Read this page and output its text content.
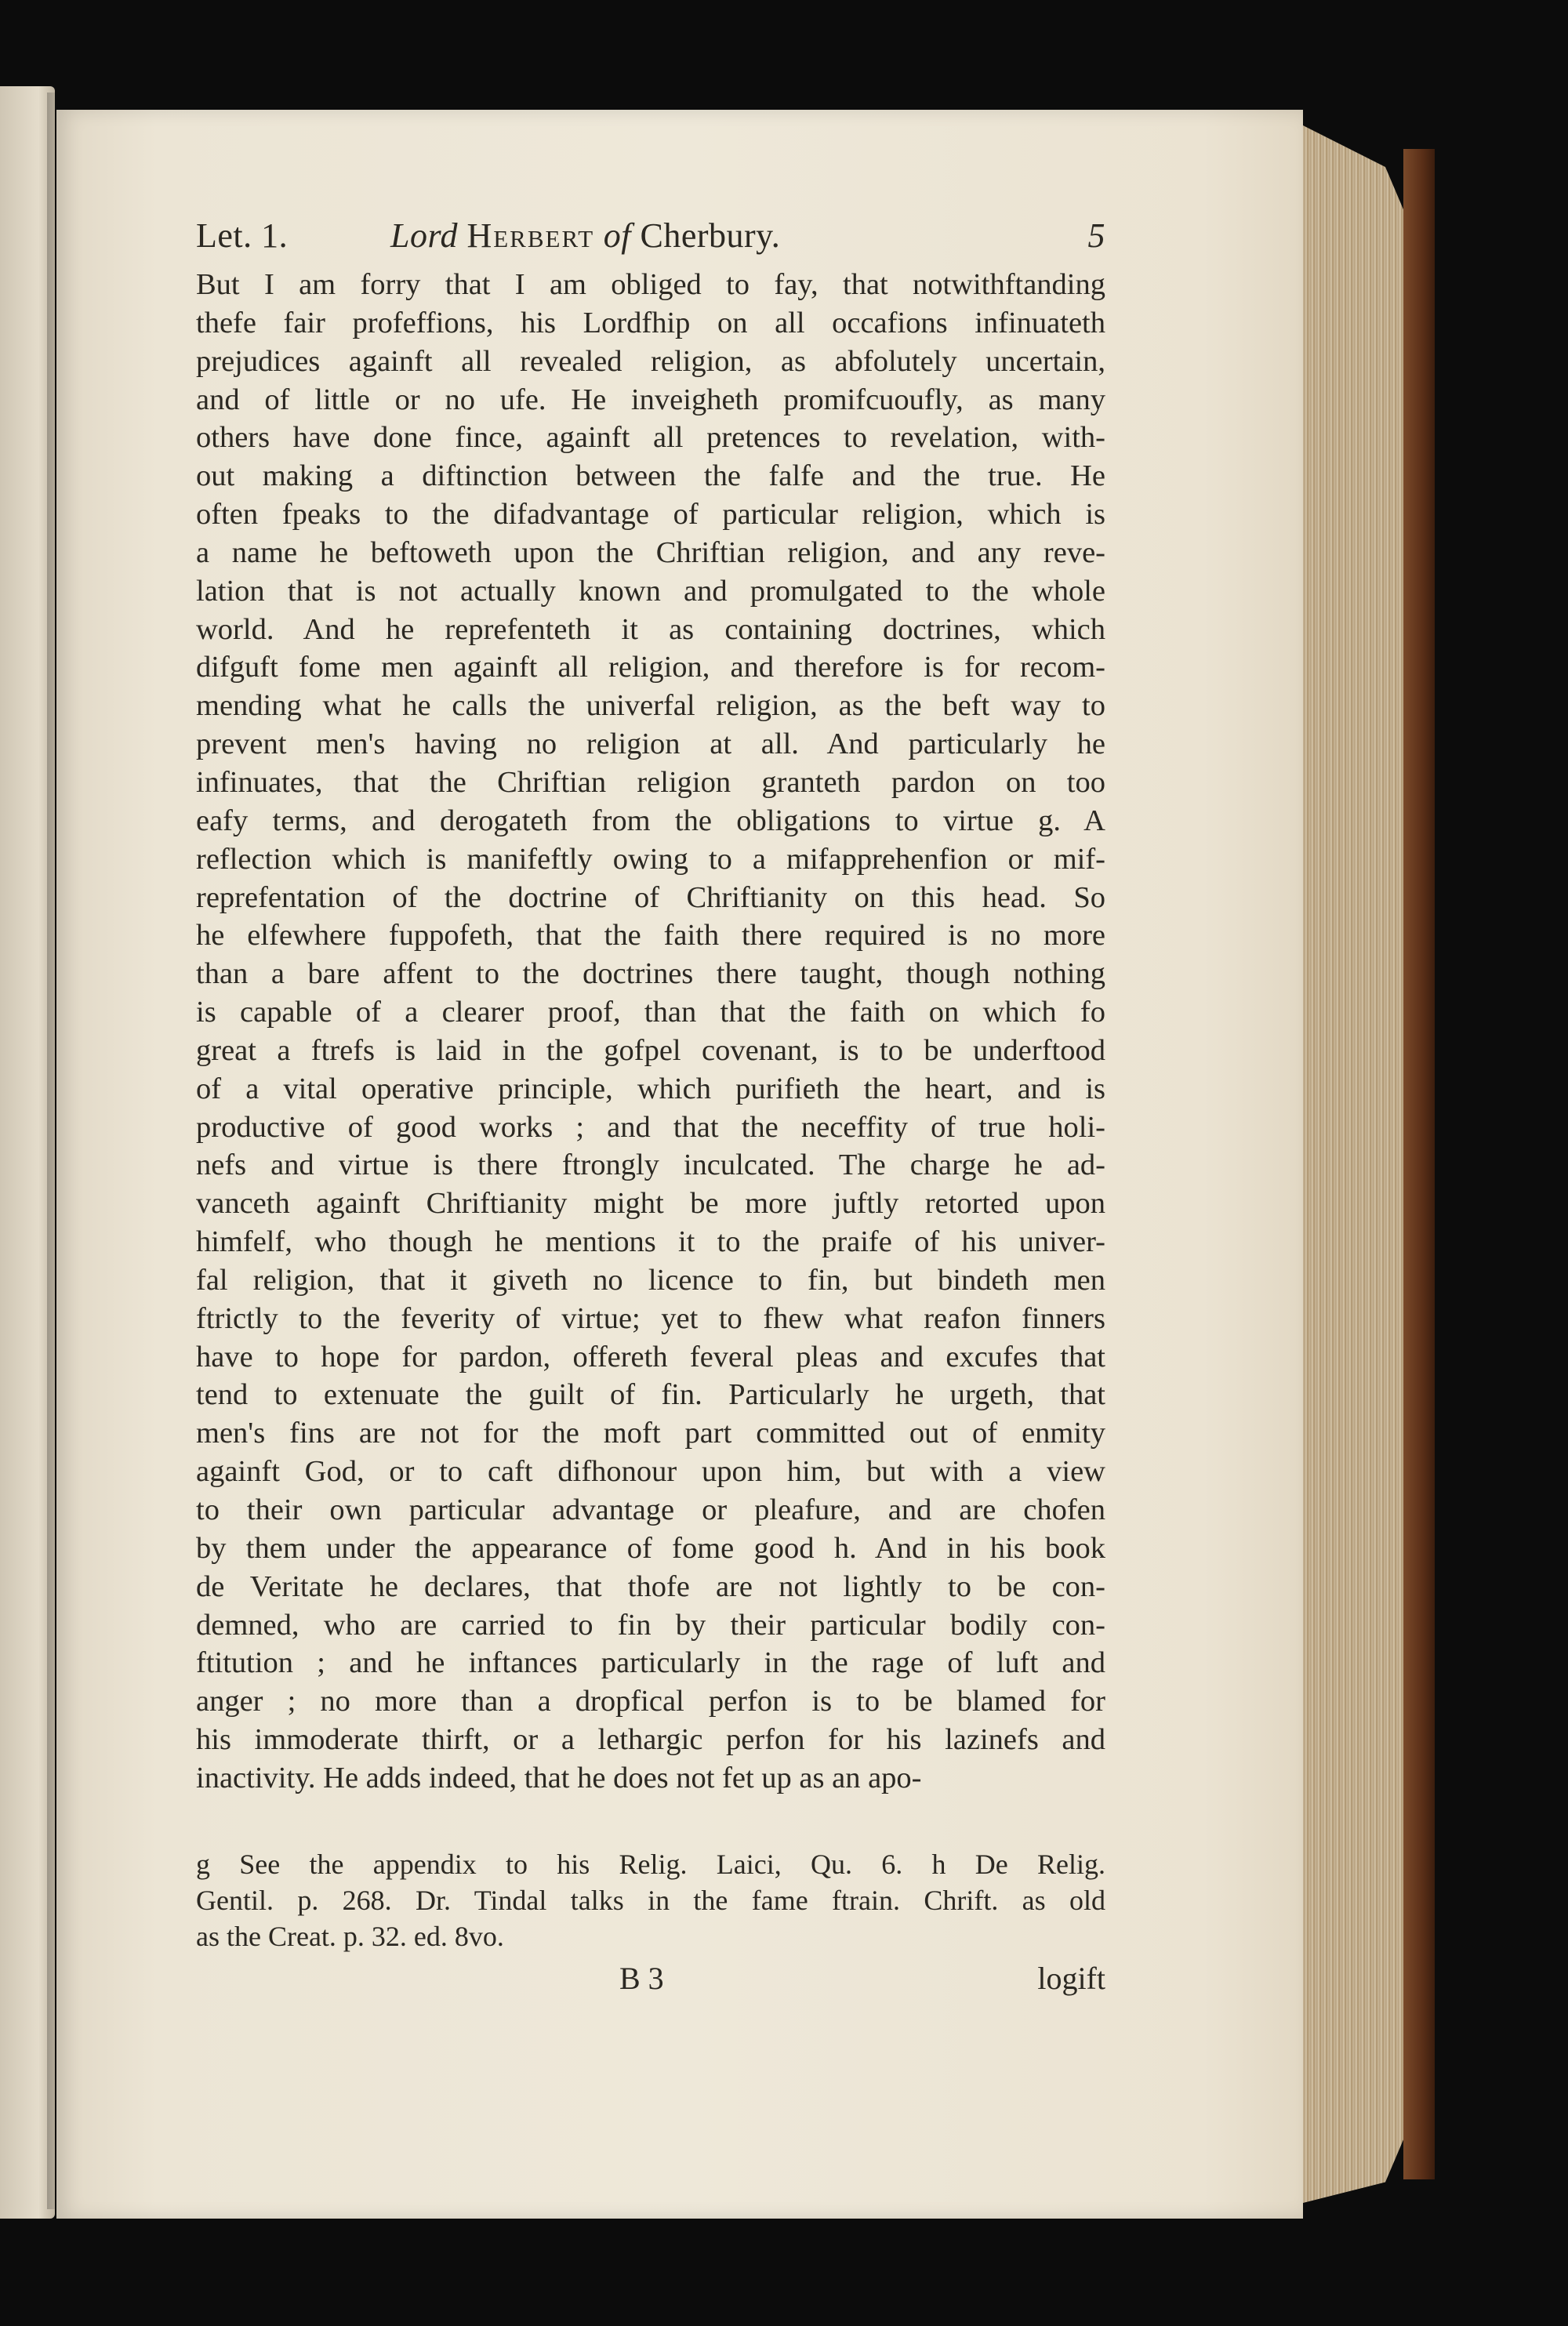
Let. 1.	Lord Herbert of Cherbury.	5
But I am forry that I am obliged to fay, that notwithftanding
thefe fair profeffions, his Lordfhip on all occafions infinuateth
prejudices againft all revealed religion, as abfolutely uncertain,
and of little or no ufe. He inveigheth promifcuoufly, as many
others have done fince, againft all pretences to revelation, with-
out making a diftinction between the falfe and the true. He
often fpeaks to the difadvantage of particular religion, which is
a name he beftoweth upon the Chriftian religion, and any reve-
lation that is not actually known and promulgated to the whole
world. And he reprefenteth it as containing doctrines, which
difguft fome men againft all religion, and therefore is for recom-
mending what he calls the univerfal religion, as the beft way to
prevent men's having no religion at all. And particularly he
infinuates, that the Chriftian religion granteth pardon on too
eafy terms, and derogateth from the obligations to virtue g. A
reflection which is manifeftly owing to a mifapprehenfion or mif-
reprefentation of the doctrine of Chriftianity on this head. So
he elfewhere fuppofeth, that the faith there required is no more
than a bare affent to the doctrines there taught, though nothing
is capable of a clearer proof, than that the faith on which fo
great a ftrefs is laid in the gofpel covenant, is to be underftood
of a vital operative principle, which purifieth the heart, and is
productive of good works ; and that the neceffity of true holi-
nefs and virtue is there ftrongly inculcated. The charge he ad-
vanceth againft Chriftianity might be more juftly retorted upon
himfelf, who though he mentions it to the praife of his univer-
fal religion, that it giveth no licence to fin, but bindeth men
ftrictly to the feverity of virtue; yet to fhew what reafon finners
have to hope for pardon, offereth feveral pleas and excufes that
tend to extenuate the guilt of fin. Particularly he urgeth, that
men's fins are not for the moft part committed out of enmity
againft God, or to caft difhonour upon him, but with a view
to their own particular advantage or pleafure, and are chofen
by them under the appearance of fome good h. And in his book
de Veritate he declares, that thofe are not lightly to be con-
demned, who are carried to fin by their particular bodily con-
ftitution ; and he inftances particularly in the rage of luft and
anger ; no more than a dropfical perfon is to be blamed for
his immoderate thirft, or a lethargic perfon for his lazinefs and
inactivity. He adds indeed, that he does not fet up as an apo-
g See the appendix to his Relig. Laici, Qu. 6. h De Relig.
Gentil. p. 268. Dr. Tindal talks in the fame ftrain. Chrift. as old
as the Creat. p. 32. ed. 8vo.
B 3	logift
